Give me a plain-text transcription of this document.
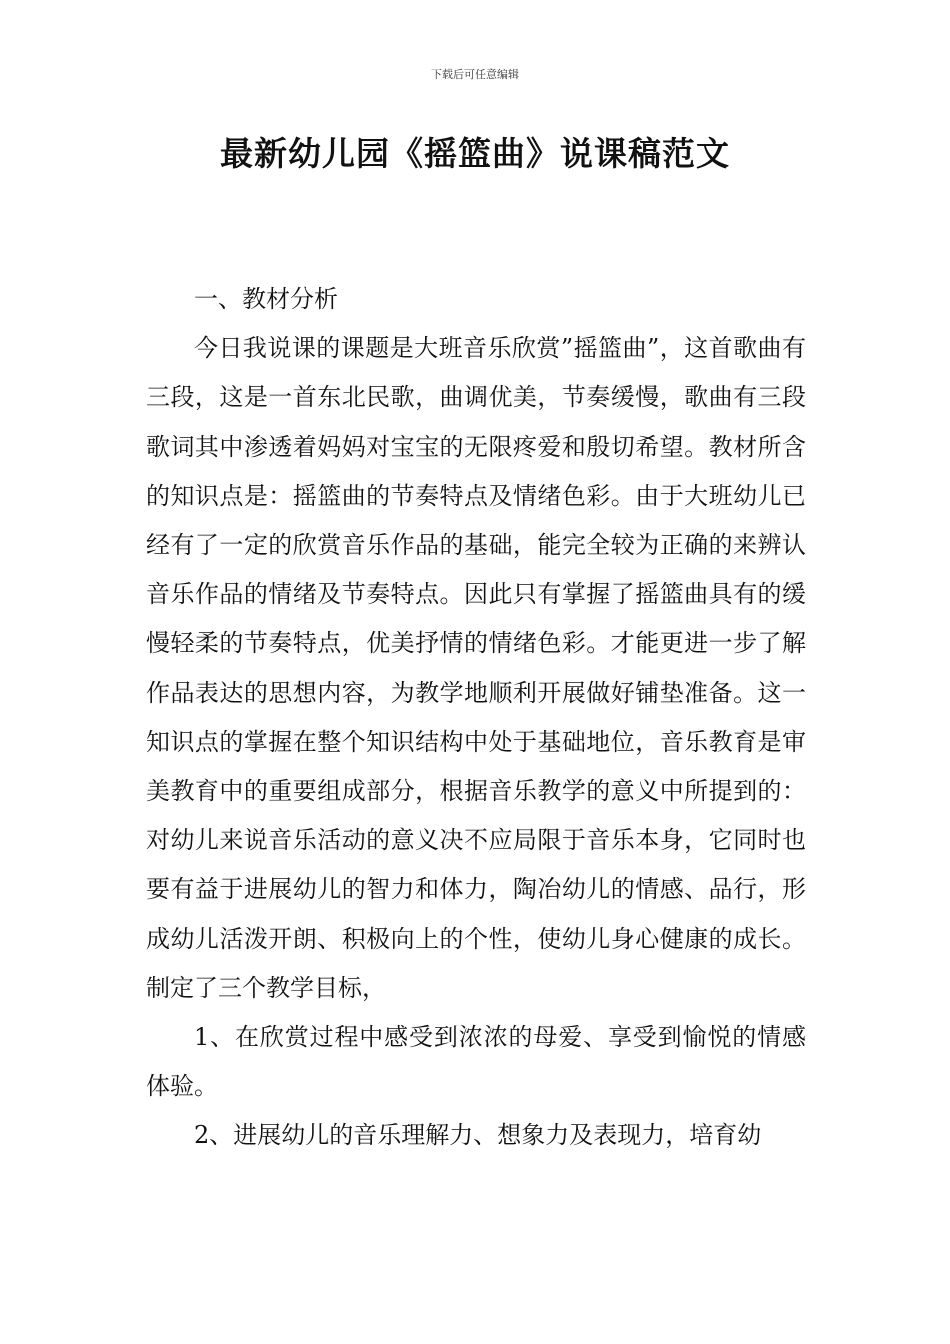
下载后可任意编辑
最新幼儿园《摇篮曲》说课稿范文

一、教材分析

今日我说课的课题是大班音乐欣赏”摇篮曲”，这首歌曲有三段，这是一首东北民歌，曲调优美，节奏缓慢，歌曲有三段歌词其中渗透着妈妈对宝宝的无限疼爱和殷切希望。教材所含的知识点是：摇篮曲的节奏特点及情绪色彩。由于大班幼儿已经有了一定的欣赏音乐作品的基础，能完全较为正确的来辨认音乐作品的情绪及节奏特点。因此只有掌握了摇篮曲具有的缓慢轻柔的节奏特点，优美抒情的情绪色彩。才能更进一步了解作品表达的思想内容，为教学地顺利开展做好铺垫准备。这一知识点的掌握在整个知识结构中处于基础地位，音乐教育是审美教育中的重要组成部分，根据音乐教学的意义中所提到的：对幼儿来说音乐活动的意义决不应局限于音乐本身，它同时也要有益于进展幼儿的智力和体力，陶冶幼儿的情感、品行，形成幼儿活泼开朗、积极向上的个性，使幼儿身心健康的成长。制定了三个教学目标，

1、在欣赏过程中感受到浓浓的母爱、享受到愉悦的情感体验。

2、进展幼儿的音乐理解力、想象力及表现力，培育幼
